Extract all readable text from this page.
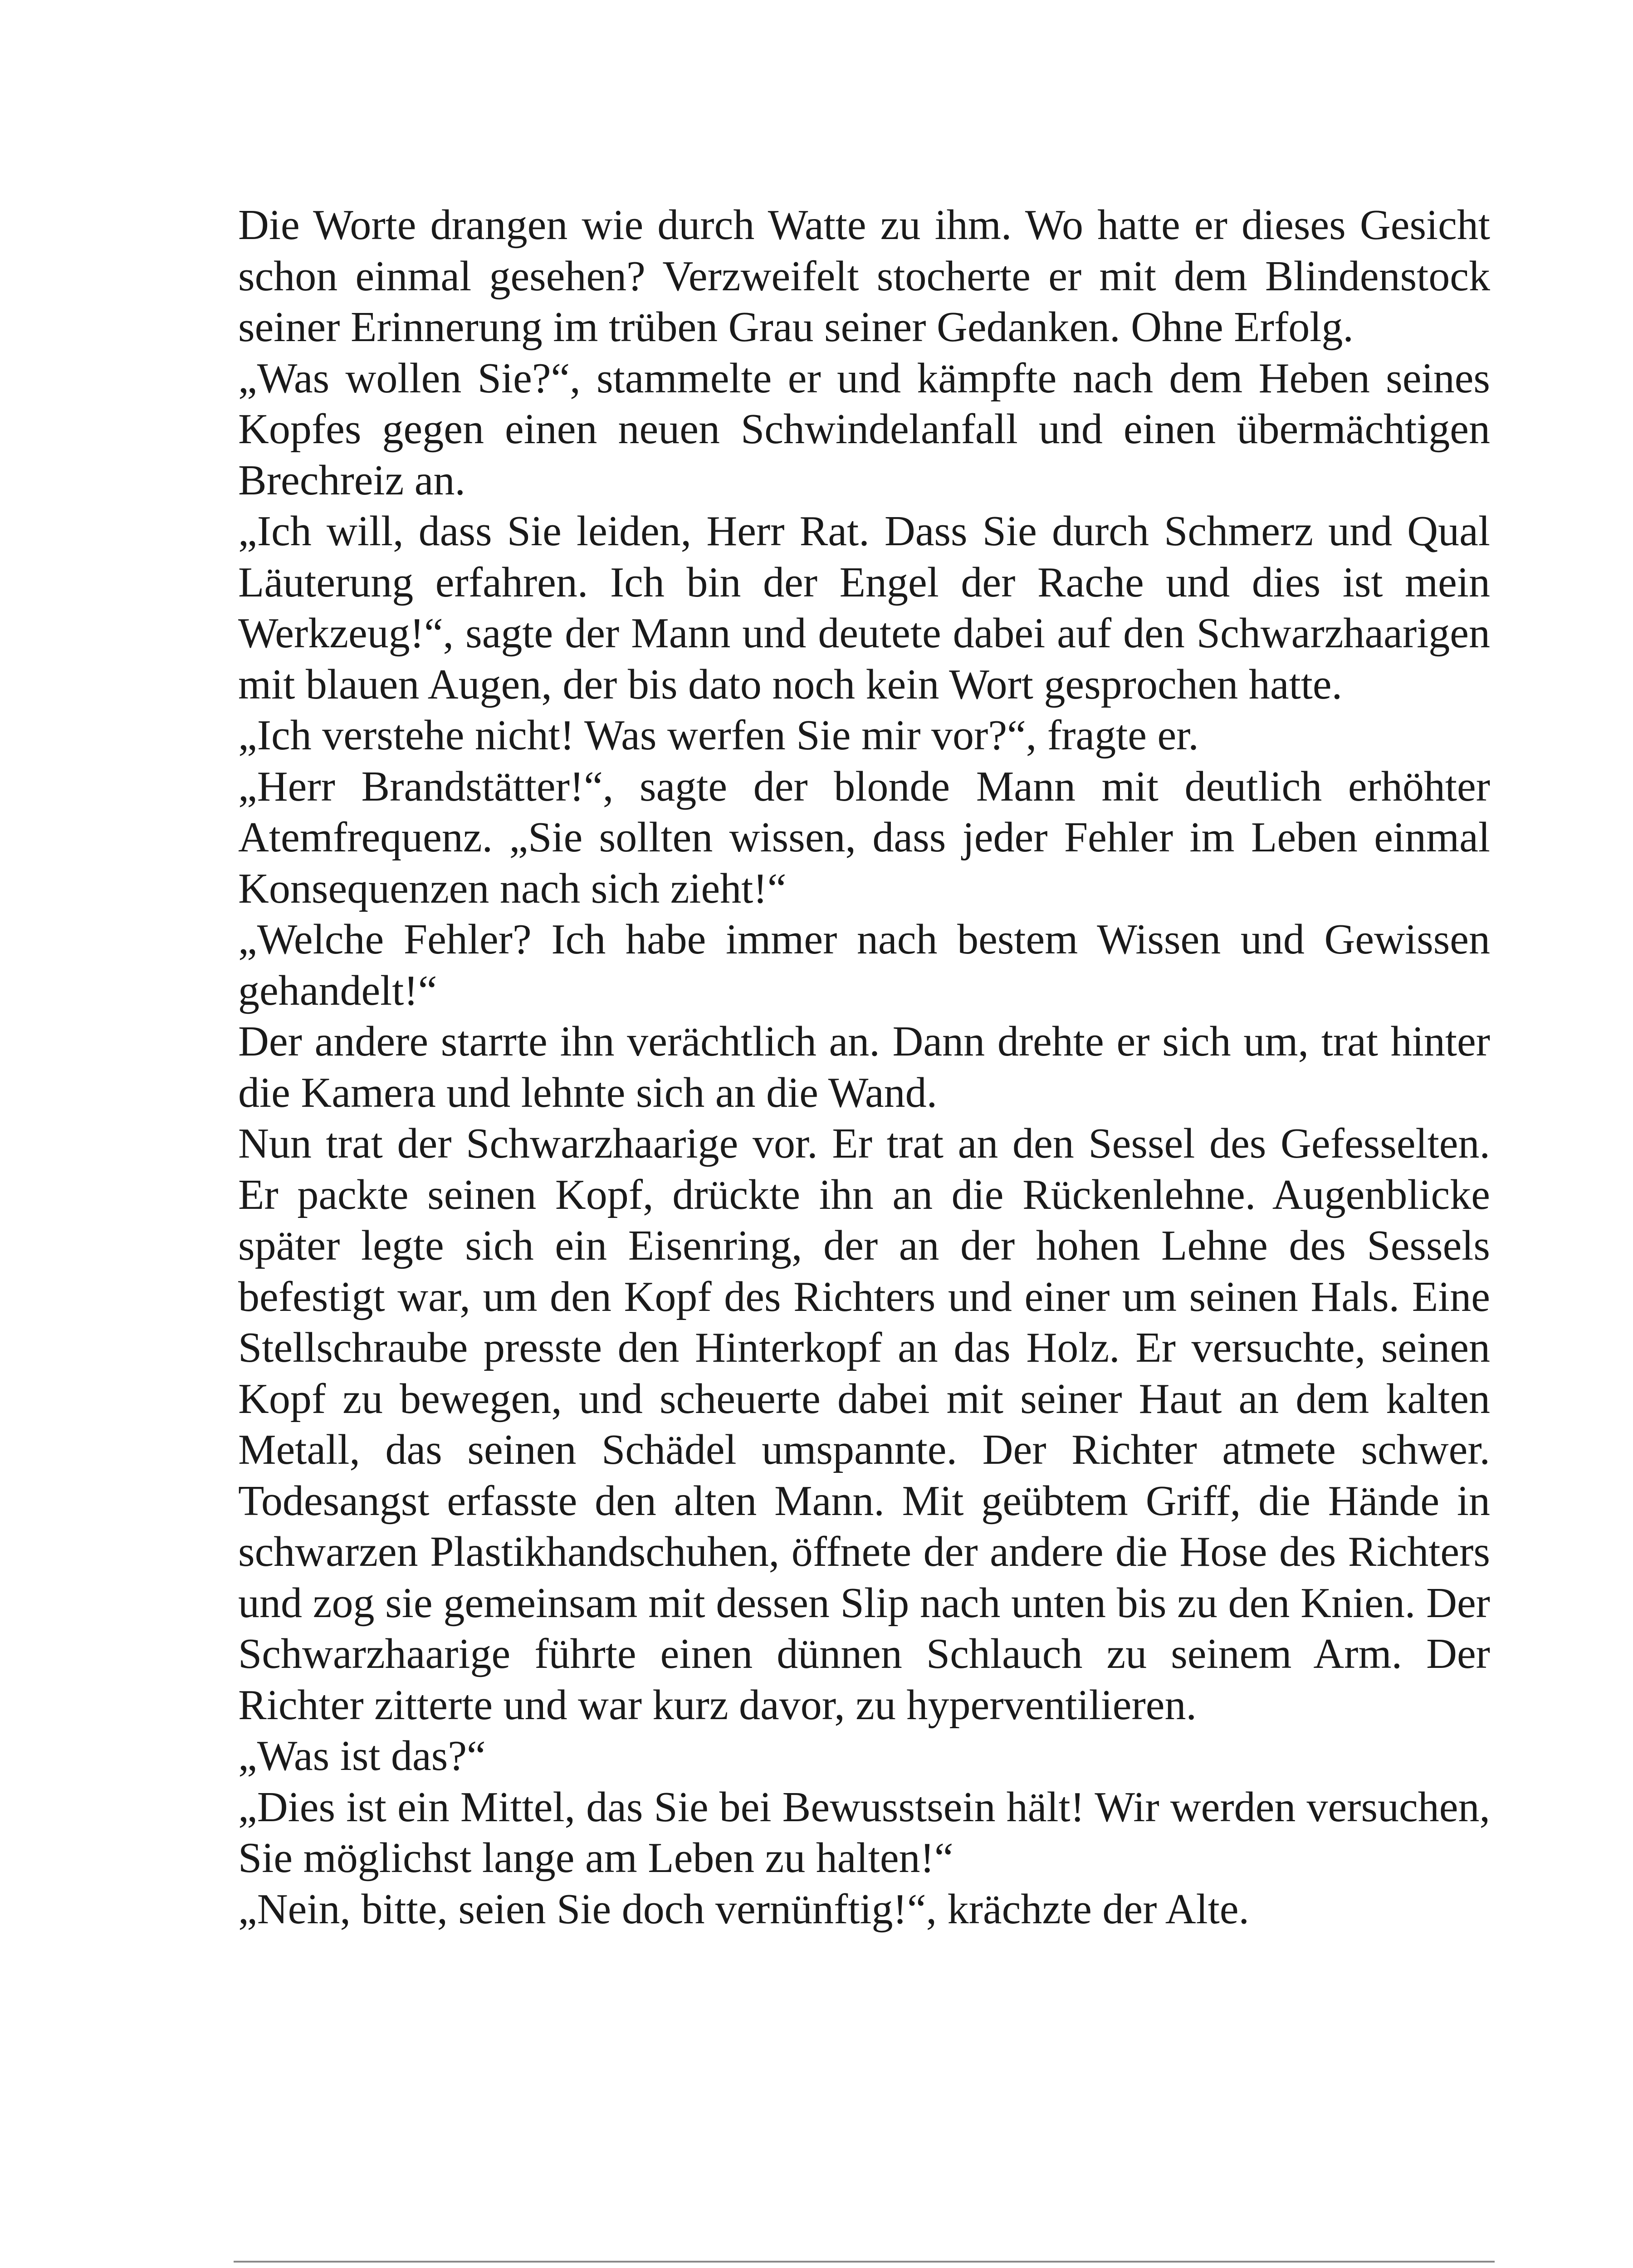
Die Worte drangen wie durch Watte zu ihm. Wo hatte er dieses Gesicht schon einmal gesehen? Verzweifelt stocherte er mit dem Blindenstock seiner Erinnerung im trüben Grau seiner Gedanken. Ohne Erfolg.

„Was wollen Sie?“, stammelte er und kämpfte nach dem Heben seines Kopfes gegen einen neuen Schwindelanfall und einen übermächtigen Brechreiz an.

„Ich will, dass Sie leiden, Herr Rat. Dass Sie durch Schmerz und Qual Läuterung erfahren. Ich bin der Engel der Rache und dies ist mein Werkzeug!“, sagte der Mann und deutete dabei auf den Schwarzhaarigen mit blauen Augen, der bis dato noch kein Wort gesprochen hatte.

„Ich verstehe nicht! Was werfen Sie mir vor?“, fragte er.

„Herr Brandstätter!“, sagte der blonde Mann mit deutlich erhöhter Atemfrequenz. „Sie sollten wissen, dass jeder Fehler im Leben einmal Konsequenzen nach sich zieht!“

„Welche Fehler? Ich habe immer nach bestem Wissen und Gewissen gehandelt!“

Der andere starrte ihn verächtlich an. Dann drehte er sich um, trat hinter die Kamera und lehnte sich an die Wand.

Nun trat der Schwarzhaarige vor. Er trat an den Sessel des Gefesselten. Er packte seinen Kopf, drückte ihn an die Rückenlehne. Augenblicke später legte sich ein Eisenring, der an der hohen Lehne des Sessels befestigt war, um den Kopf des Richters und einer um seinen Hals. Eine Stellschraube presste den Hinterkopf an das Holz. Er versuchte, seinen Kopf zu bewegen, und scheuerte dabei mit seiner Haut an dem kalten Metall, das seinen Schädel umspannte. Der Richter atmete schwer. Todesangst erfasste den alten Mann. Mit geübtem Griff, die Hände in schwarzen Plastikhandschuhen, öffnete der andere die Hose des Richters und zog sie gemeinsam mit dessen Slip nach unten bis zu den Knien. Der Schwarzhaarige führte einen dünnen Schlauch zu seinem Arm. Der Richter zitterte und war kurz davor, zu hyperventilieren.

„Was ist das?“

„Dies ist ein Mittel, das Sie bei Bewusstsein hält! Wir werden versuchen, Sie möglichst lange am Leben zu halten!“

„Nein, bitte, seien Sie doch vernünftig!“, krächzte der Alte.
